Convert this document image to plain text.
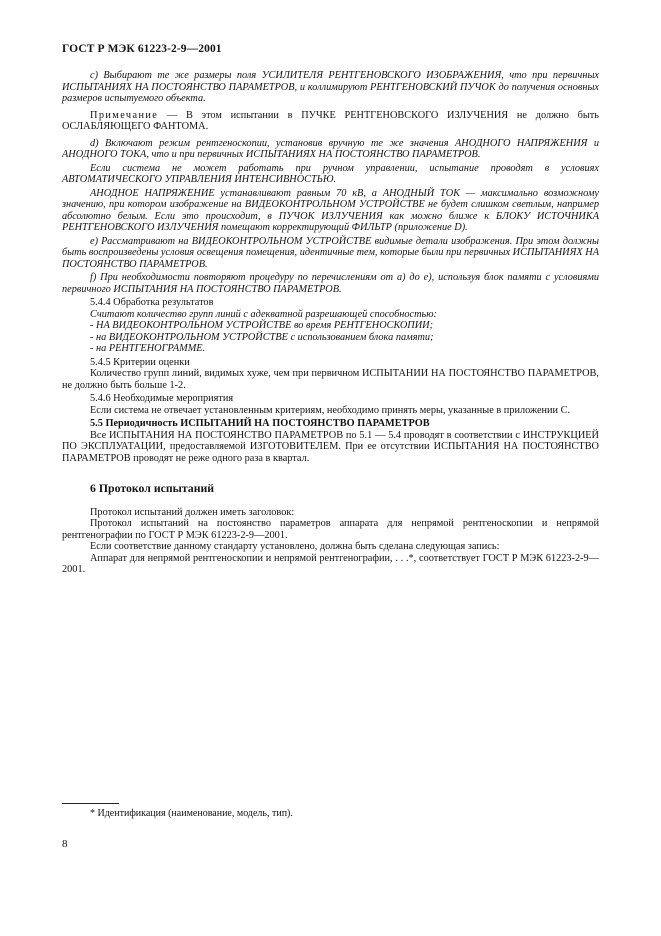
ГОСТ Р МЭК 61223-2-9—2001

c) Выбирают те же размеры поля УСИЛИТЕЛЯ РЕНТГЕНОВСКОГО ИЗОБРАЖЕНИЯ, что при первичных ИСПЫТАНИЯХ НА ПОСТОЯНСТВО ПАРАМЕТРОВ, и коллимируют РЕНТГЕНОВСКИЙ ПУЧОК до получения основных размеров испытуемого объекта.

Примечание — В этом испытании в ПУЧКЕ РЕНТГЕНОВСКОГО ИЗЛУЧЕНИЯ не должно быть ОСЛАБЛЯЮЩЕГО ФАНТОМА.

d) Включают режим рентгеноскопии, установив вручную те же значения АНОДНОГО НАПРЯЖЕНИЯ и АНОДНОГО ТОКА, что и при первичных ИСПЫТАНИЯХ НА ПОСТОЯНСТВО ПАРАМЕТРОВ.

Если система не может работать при ручном управлении, испытание проводят в условиях АВТОМАТИЧЕСКОГО УПРАВЛЕНИЯ ИНТЕНСИВНОСТЬЮ.

АНОДНОЕ НАПРЯЖЕНИЕ устанавливают равным 70 кВ, а АНОДНЫЙ ТОК — максимально возможному значению, при котором изображение на ВИДЕОКОНТРОЛЬНОМ УСТРОЙСТВЕ не будет слишком светлым, например абсолютно белым. Если это происходит, в ПУЧОК ИЗЛУЧЕНИЯ как можно ближе к БЛОКУ ИСТОЧНИКА РЕНТГЕНОВСКОГО ИЗЛУЧЕНИЯ помещают корректирующий ФИЛЬТР (приложение D).

e) Рассматривают на ВИДЕОКОНТРОЛЬНОМ УСТРОЙСТВЕ видимые детали изображения. При этом должны быть воспроизведены условия освещения помещения, идентичные тем, которые были при первичных ИСПЫТАНИЯХ НА ПОСТОЯНСТВО ПАРАМЕТРОВ.

f) При необходимости повторяют процедуру по перечислениям от a) до e), используя блок памяти с условиями первичного ИСПЫТАНИЯ НА ПОСТОЯНСТВО ПАРАМЕТРОВ.

5.4.4 Обработка результатов

Считают количество групп линий с адекватной разрешающей способностью:

- НА ВИДЕОКОНТРОЛЬНОМ УСТРОЙСТВЕ во время РЕНТГЕНОСКОПИИ;

- на ВИДЕОКОНТРОЛЬНОМ УСТРОЙСТВЕ с использованием блока памяти;

- на РЕНТГЕНОГРАММЕ.

5.4.5 Критерии оценки

Количество групп линий, видимых хуже, чем при первичном ИСПЫТАНИИ НА ПОСТОЯНСТВО ПАРАМЕТРОВ, не должно быть больше 1-2.

5.4.6 Необходимые мероприятия

Если система не отвечает установленным критериям, необходимо принять меры, указанные в приложении С.

5.5 Периодичность ИСПЫТАНИЙ НА ПОСТОЯНСТВО ПАРАМЕТРОВ

Все ИСПЫТАНИЯ НА ПОСТОЯНСТВО ПАРАМЕТРОВ по 5.1 — 5.4 проводят в соответствии с ИНСТРУКЦИЕЙ ПО ЭКСПЛУАТАЦИИ, предоставляемой ИЗГОТОВИТЕЛЕМ. При ее отсутствии ИСПЫТАНИЯ НА ПОСТОЯНСТВО ПАРАМЕТРОВ проводят не реже одного раза в квартал.

6 Протокол испытаний

Протокол испытаний должен иметь заголовок:

Протокол испытаний на постоянство параметров аппарата для непрямой рентгеноскопии и непрямой рентгенографии по ГОСТ Р МЭК 61223-2-9—2001.

Если соответствие данному стандарту установлено, должна быть сделана следующая запись:

Аппарат для непрямой рентгеноскопии и непрямой рентгенографии, . . .*, соответствует ГОСТ Р МЭК 61223-2-9—2001.

* Идентификация (наименование, модель, тип).
8
